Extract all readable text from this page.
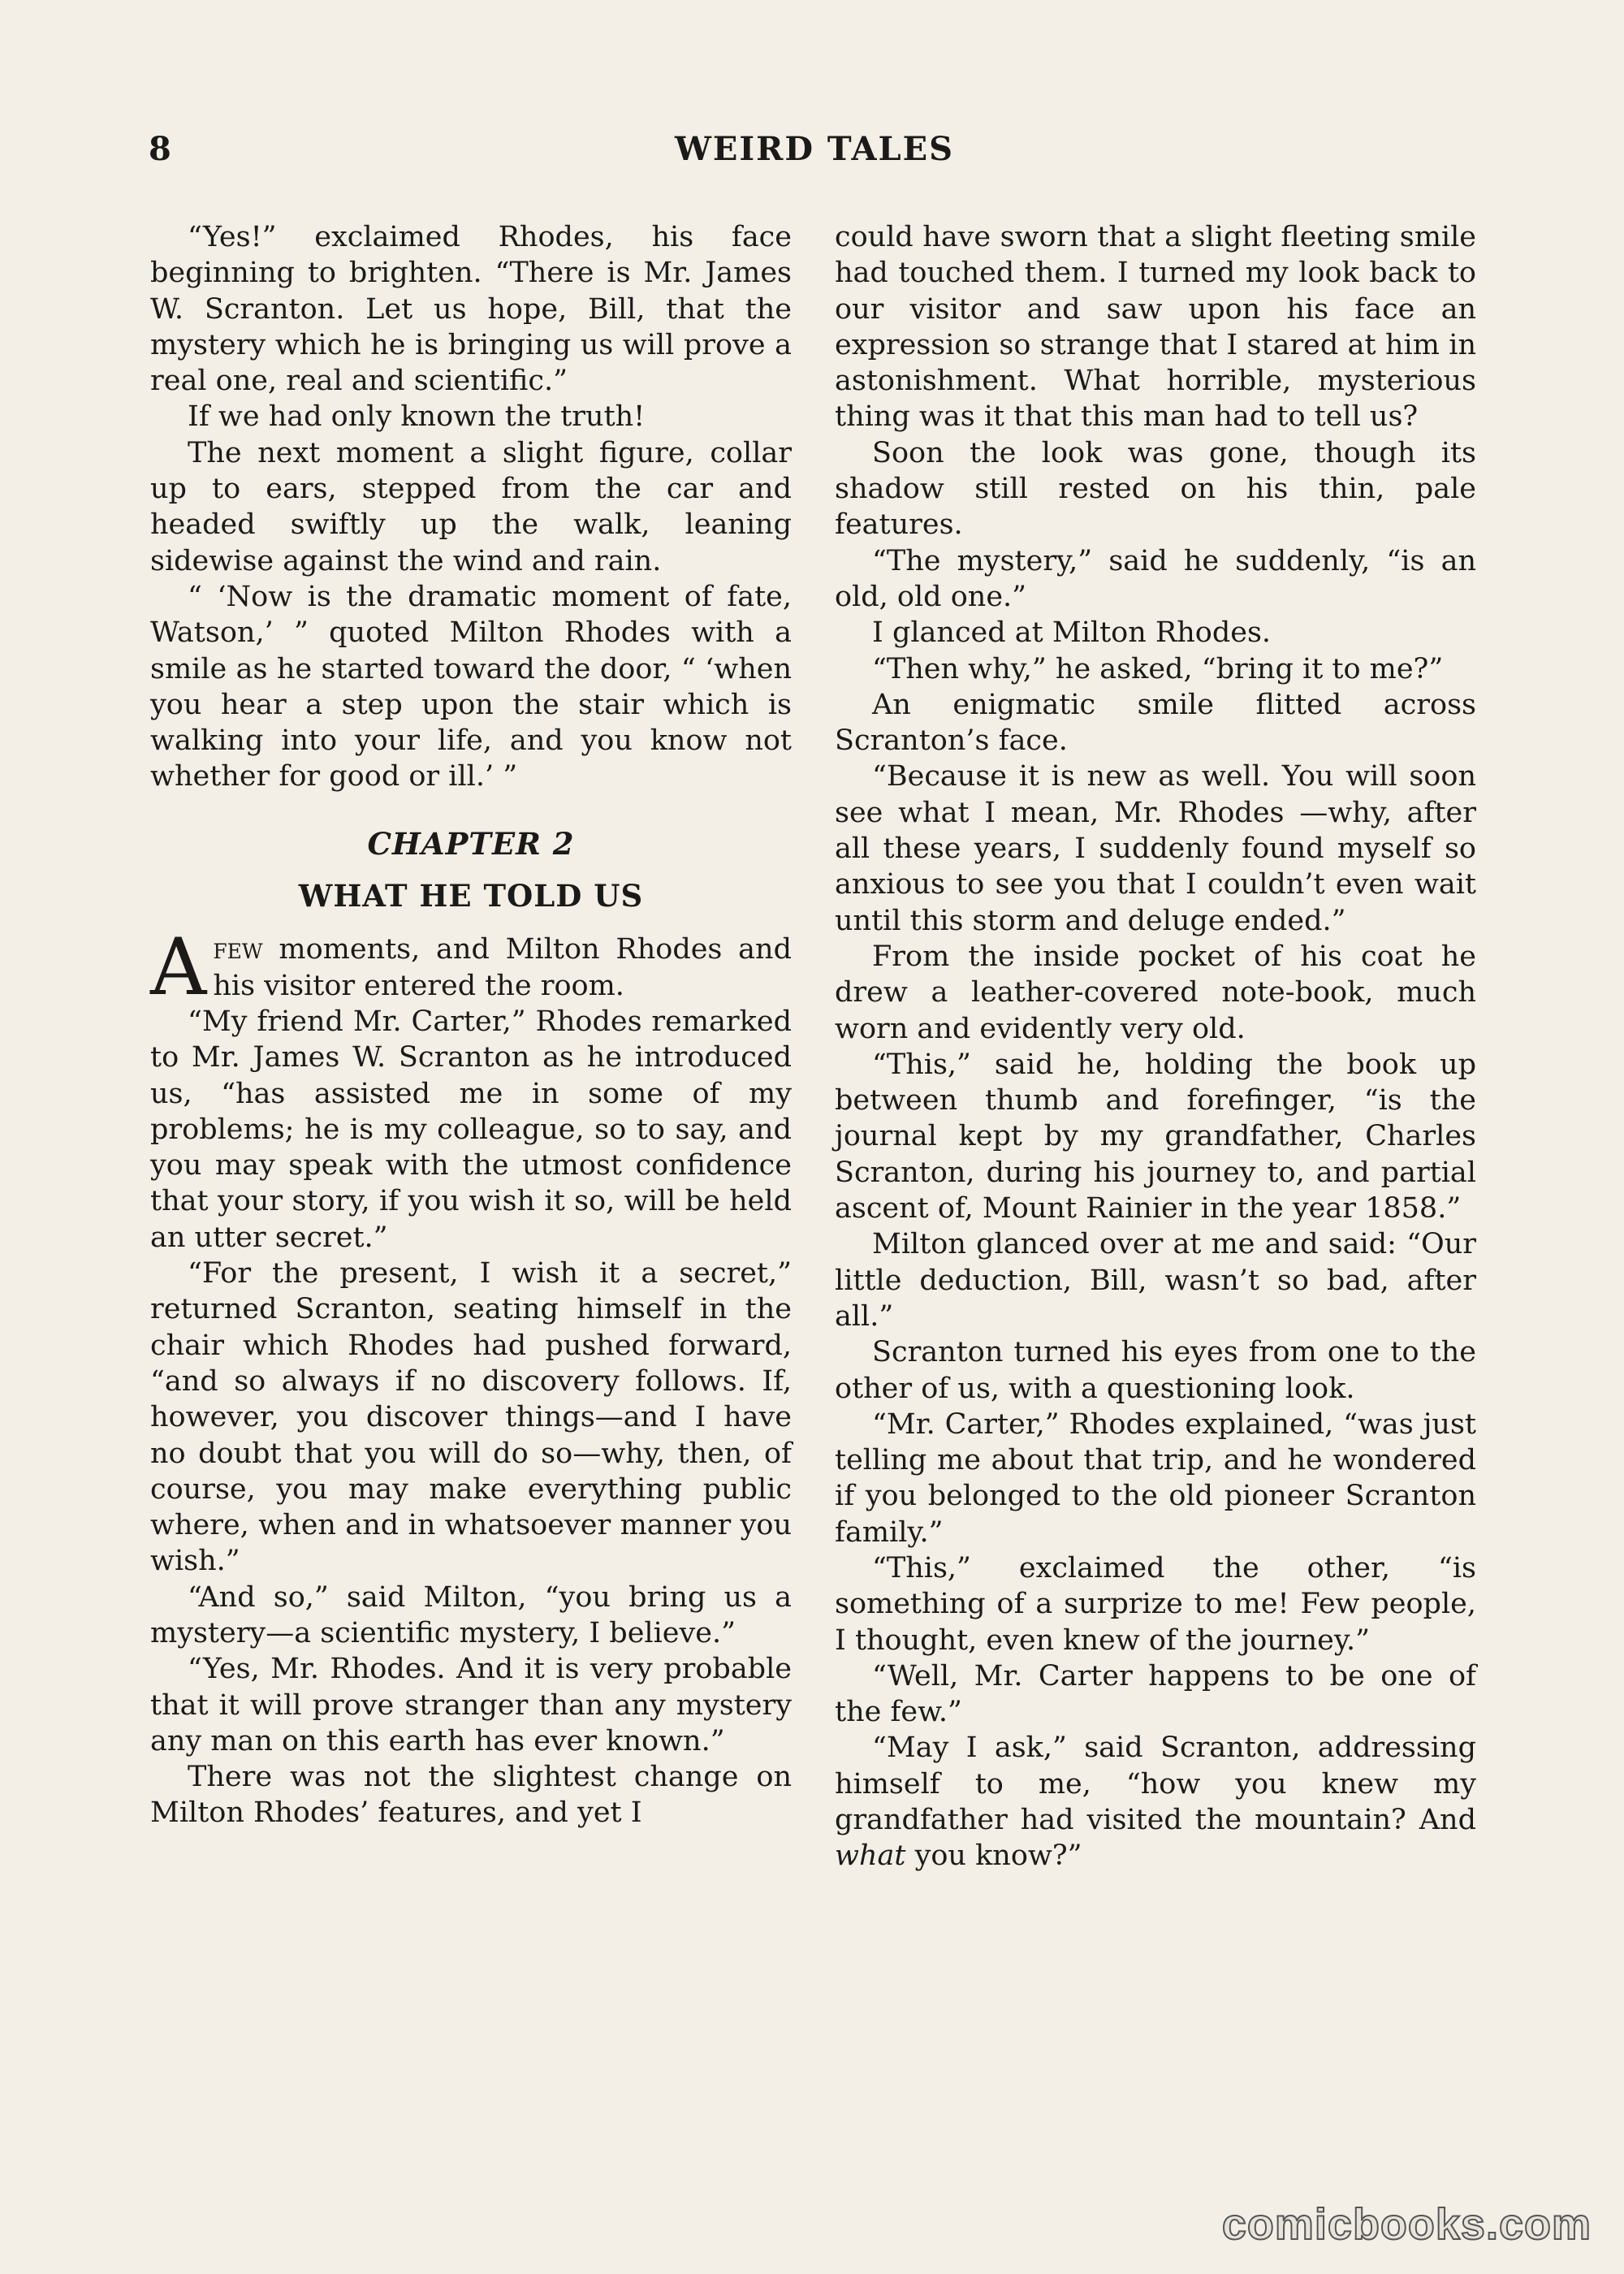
8	WEIRD TALES

“Yes!” exclaimed Rhodes, his face beginning to brighten. “There is Mr. James W. Scranton. Let us hope, Bill, that the mystery which he is bringing us will prove a real one, real and scientific.”

If we had only known the truth!

The next moment a slight figure, collar up to ears, stepped from the car and headed swiftly up the walk, leaning sidewise against the wind and rain.

“ ‘Now is the dramatic moment of fate, Watson,’ ” quoted Milton Rhodes with a smile as he started toward the door, “ ‘when you hear a step upon the stair which is walking into your life, and you know not whether for good or ill.’ ”

CHAPTER 2
WHAT HE TOLD US

Afew moments, and Milton Rhodes and his visitor entered the room.

“My friend Mr. Carter,” Rhodes remarked to Mr. James W. Scranton as he introduced us, “has assisted me in some of my problems; he is my colleague, so to say, and you may speak with the utmost confidence that your story, if you wish it so, will be held an utter secret.”

“For the present, I wish it a secret,” returned Scranton, seating himself in the chair which Rhodes had pushed forward, “and so always if no discovery follows. If, however, you discover things—and I have no doubt that you will do so—why, then, of course, you may make everything public where, when and in whatsoever manner you wish.”

“And so,” said Milton, “you bring us a mystery—a scientific mystery, I believe.”

“Yes, Mr. Rhodes. And it is very probable that it will prove stranger than any mystery any man on this earth has ever known.”

There was not the slightest change on Milton Rhodes’ features, and yet I

could have sworn that a slight fleeting smile had touched them. I turned my look back to our visitor and saw upon his face an expression so strange that I stared at him in astonishment. What horrible, mysterious thing was it that this man had to tell us?

Soon the look was gone, though its shadow still rested on his thin, pale features.

“The mystery,” said he suddenly, “is an old, old one.”

I glanced at Milton Rhodes.

“Then why,” he asked, “bring it to me?”

An enigmatic smile flitted across Scranton’s face.

“Because it is new as well. You will soon see what I mean, Mr. Rhodes —why, after all these years, I suddenly found myself so anxious to see you that I couldn’t even wait until this storm and deluge ended.”

From the inside pocket of his coat he drew a leather-covered note-book, much worn and evidently very old.

“This,” said he, holding the book up between thumb and forefinger, “is the journal kept by my grandfather, Charles Scranton, during his journey to, and partial ascent of, Mount Rainier in the year 1858.”

Milton glanced over at me and said: “Our little deduction, Bill, wasn’t so bad, after all.”

Scranton turned his eyes from one to the other of us, with a questioning look.

“Mr. Carter,” Rhodes explained, “was just telling me about that trip, and he wondered if you belonged to the old pioneer Scranton family.”

“This,” exclaimed the other, “is something of a surprize to me! Few people, I thought, even knew of the journey.”

“Well, Mr. Carter happens to be one of the few.”

“May I ask,” said Scranton, addressing himself to me, “how you knew my grandfather had visited the mountain? And what you know?”

comicbooks.com
